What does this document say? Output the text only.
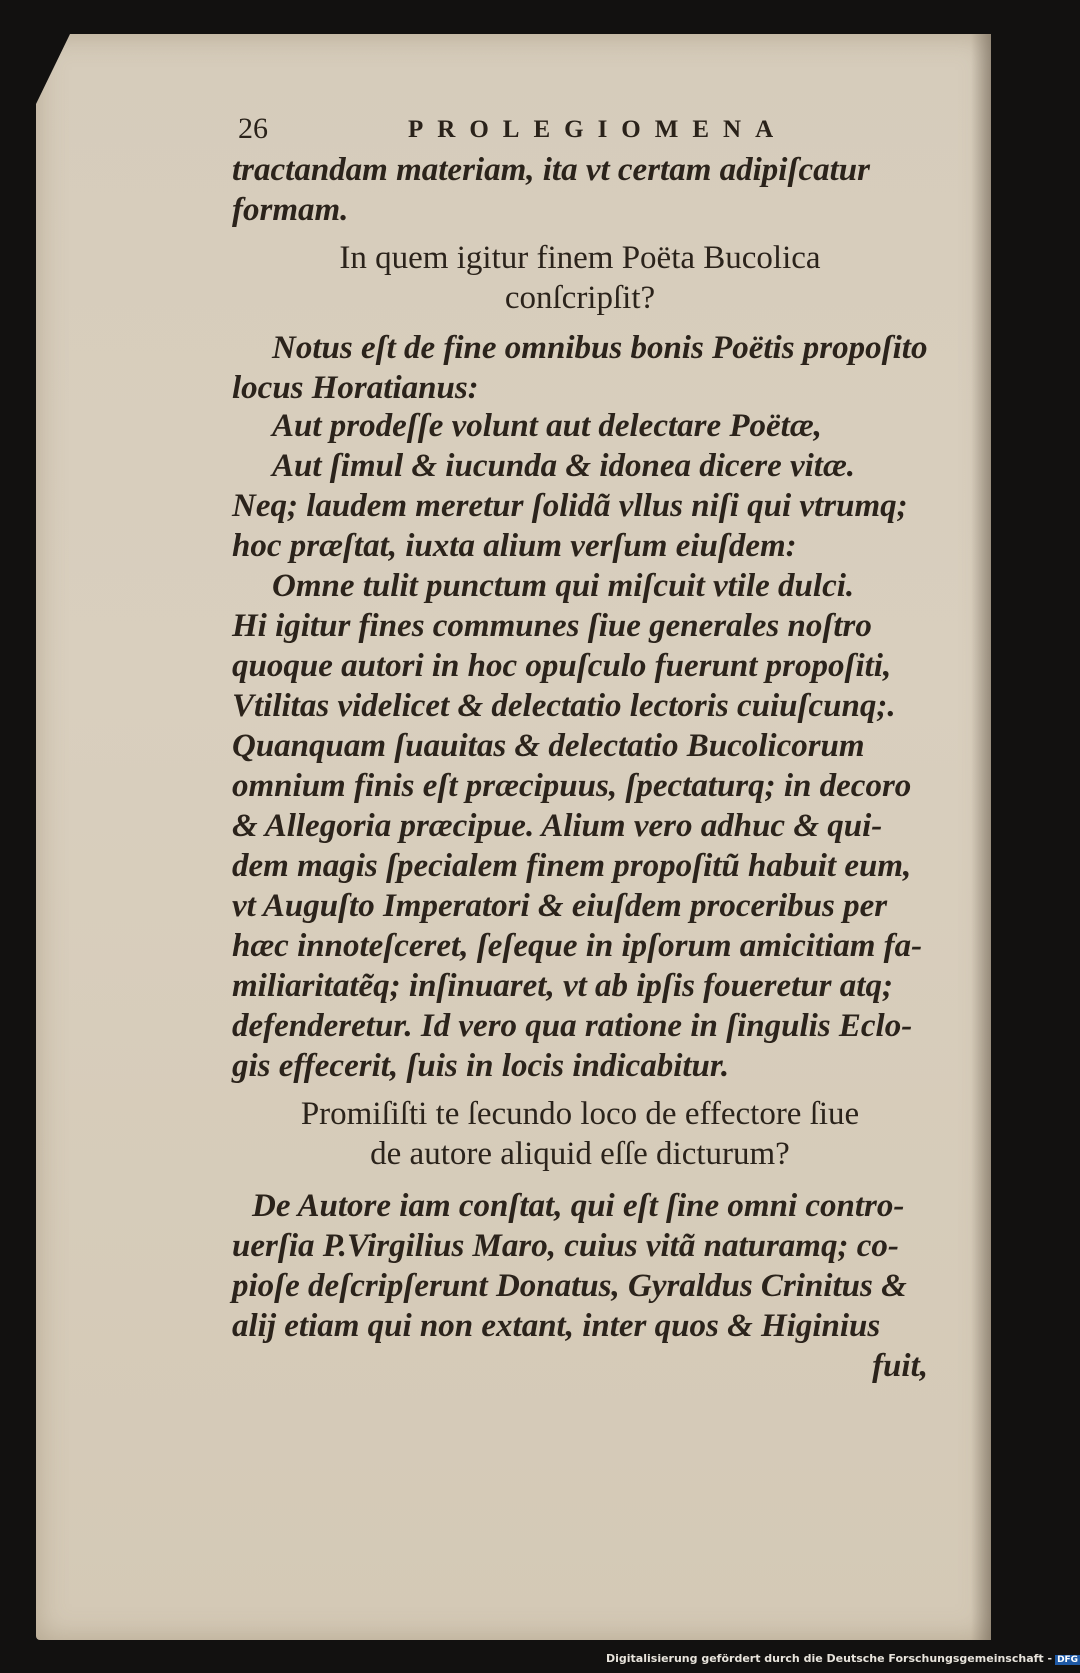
26	PROLEGIOMENA
tractandam materiam, ita vt certam adipiſcatur
formam.
In quem igitur finem Poëta Bucolica
conſcripſit?
Notus eſt de fine omnibus bonis Poëtis propoſito
locus Horatianus:
Aut prodeſſe volunt aut delectare Poëtæ,
Aut ſimul & iucunda & idonea dicere vitæ.
Neq; laudem meretur ſolidã vllus niſi qui vtrumq;
hoc præſtat, iuxta alium verſum eiuſdem:
Omne tulit punctum qui miſcuit vtile dulci.
Hi igitur fines communes ſiue generales noſtro
quoque autori in hoc opuſculo fuerunt propoſiti,
Vtilitas videlicet & delectatio lectoris cuiuſcunq;.
Quanquam ſuauitas & delectatio Bucolicorum
omnium finis eſt præcipuus, ſpectaturq; in decoro
& Allegoria præcipue. Alium vero adhuc & qui-
dem magis ſpecialem finem propoſitũ habuit eum,
vt Auguſto Imperatori & eiuſdem proceribus per
hæc innoteſceret, ſeſeque in ipſorum amicitiam fa-
miliaritatẽq; inſinuaret, vt ab ipſis foueretur atq;
defenderetur. Id vero qua ratione in ſingulis Eclo-
gis effecerit, ſuis in locis indicabitur.
Promiſiſti te ſecundo loco de effectore ſiue
de autore aliquid eſſe dicturum?
De Autore iam conſtat, qui eſt ſine omni contro-
uerſia P.Virgilius Maro, cuius vitã naturamq; co-
pioſe deſcripſerunt Donatus, Gyraldus Crinitus &
alij etiam qui non extant, inter quos & Higinius
fuit,
Digitalisierung gefördert durch die Deutsche Forschungsgemeinschaft - DFG
